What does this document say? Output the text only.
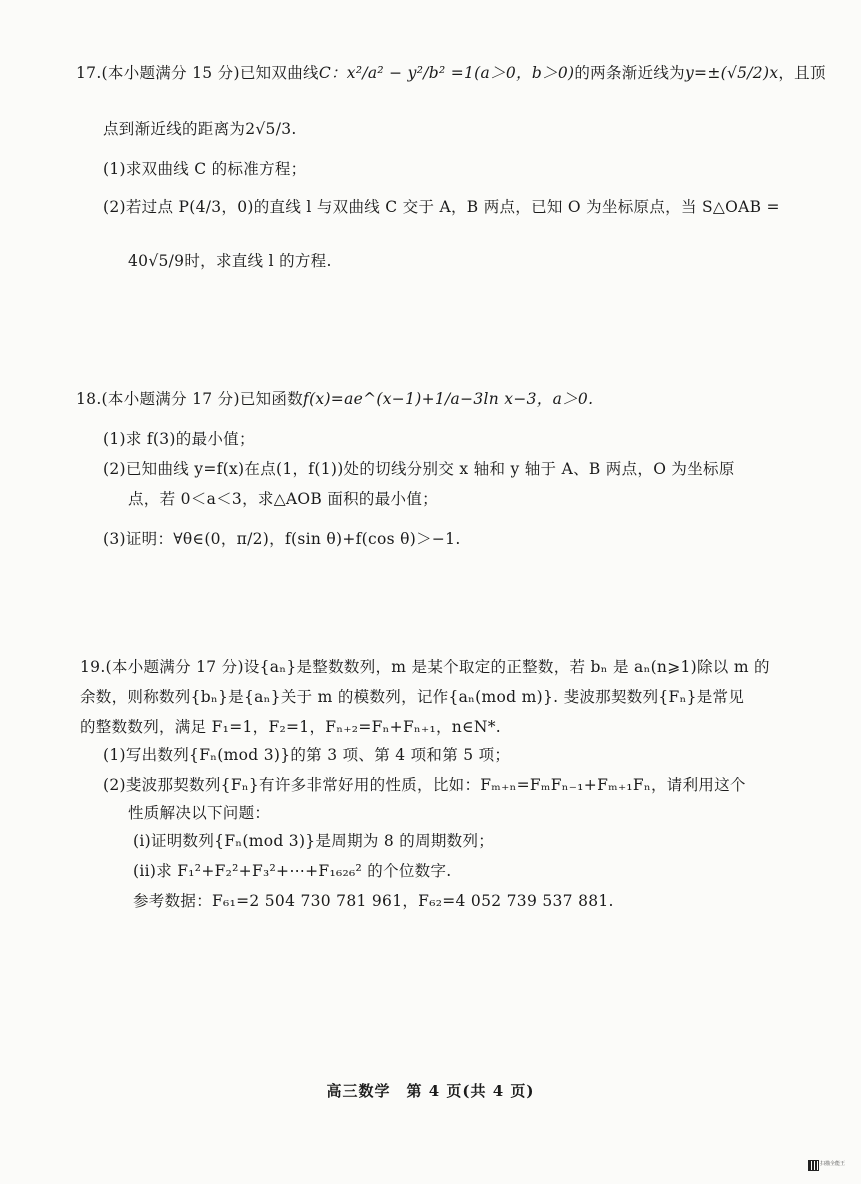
17.(本小题满分 15 分)已知双曲线C：x²/a² − y²/b² =1(a＞0，b＞0)的两条渐近线为y=±(√5/2)x，且顶
点到渐近线的距离为2√5/3.
(1)求双曲线 C 的标准方程；
(2)若过点 P(4/3，0)的直线 l 与双曲线 C 交于 A，B 两点，已知 O 为坐标原点，当 S△OAB =
40√5/9时，求直线 l 的方程.
18.(本小题满分 17 分)已知函数f(x)=ae^(x−1)+1/a−3ln x−3，a＞0.
(1)求 f(3)的最小值；
(2)已知曲线 y=f(x)在点(1，f(1))处的切线分别交 x 轴和 y 轴于 A、B 两点，O 为坐标原
点，若 0＜a＜3，求△AOB 面积的最小值；
(3)证明：∀θ∈(0，π/2)，f(sin θ)+f(cos θ)＞−1.
19.(本小题满分 17 分)设{aₙ}是整数数列，m 是某个取定的正整数，若 bₙ 是 aₙ(n⩾1)除以 m 的
余数，则称数列{bₙ}是{aₙ}关于 m 的模数列，记作{aₙ(mod m)}. 斐波那契数列{Fₙ}是常见
的整数数列，满足 F₁=1，F₂=1，Fₙ₊₂=Fₙ+Fₙ₊₁，n∈N*.
(1)写出数列{Fₙ(mod 3)}的第 3 项、第 4 项和第 5 项；
(2)斐波那契数列{Fₙ}有许多非常好用的性质，比如：Fₘ₊ₙ=FₘFₙ₋₁+Fₘ₊₁Fₙ，请利用这个
性质解决以下问题：
(i)证明数列{Fₙ(mod 3)}是周期为 8 的周期数列；
(ii)求 F₁²+F₂²+F₃²+⋯+F₁₆₂₆² 的个位数字.
参考数据：F₆₁=2 504 730 781 961，F₆₂=4 052 739 537 881.
高三数学　第 4 页(共 4 页)
扫描全能王
